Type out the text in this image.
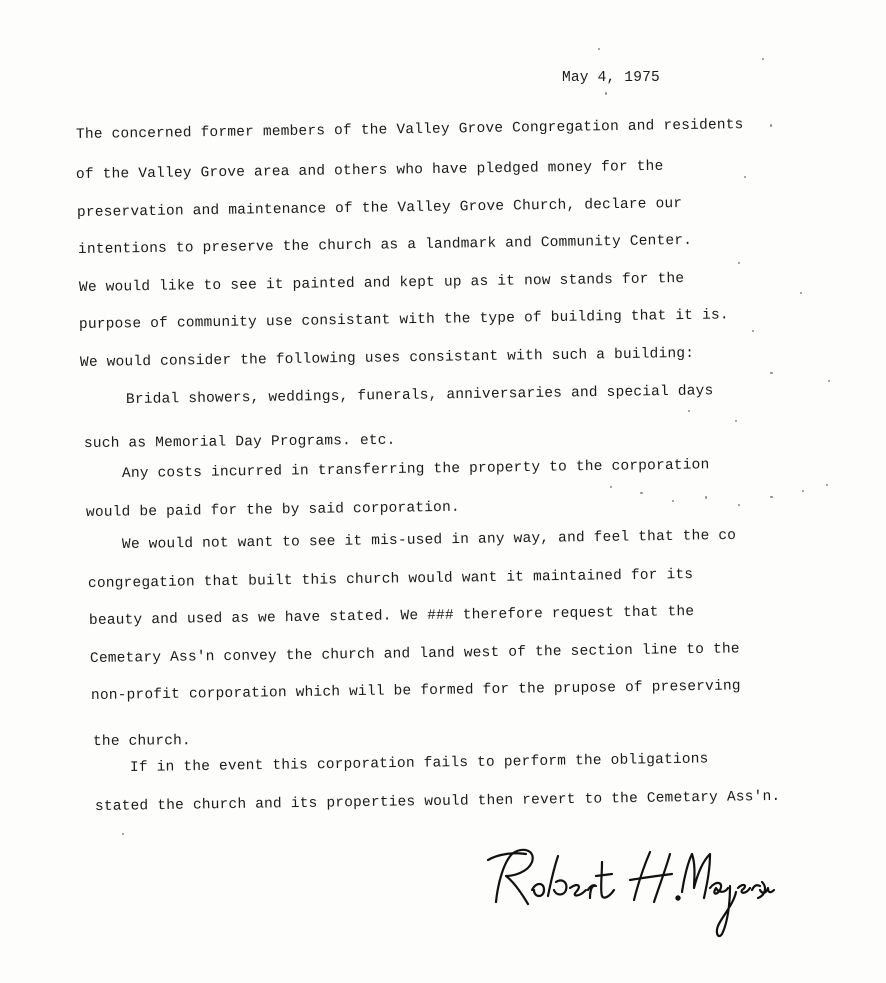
May 4, 1975
The concerned former members of the Valley Grove Congregation and residents
of the Valley Grove area and others who have pledged money for the
preservation and maintenance of the Valley Grove Church, declare our
intentions to preserve the church as a landmark and Community Center.
We would like to see it painted and kept up as it now stands for the
purpose of community use consistant with the type of building that it is.
We would consider the following uses consistant with such a building:
Bridal showers, weddings, funerals, anniversaries and special days
such as Memorial Day Programs. etc.
Any costs incurred in transferring the property to the corporation
would be paid for the by said corporation.
We would not want to see it mis-used in any way, and feel that the co
congregation that built this church would want it maintained for its
beauty and used as we have stated. We ### therefore request that the
Cemetary Ass'n convey the church and land west of the section line to the
non-profit corporation which will be formed for the prupose of preserving
the church.
If in the event this corporation fails to perform the obligations
stated the church and its properties would then revert to the Cemetary Ass'n.
